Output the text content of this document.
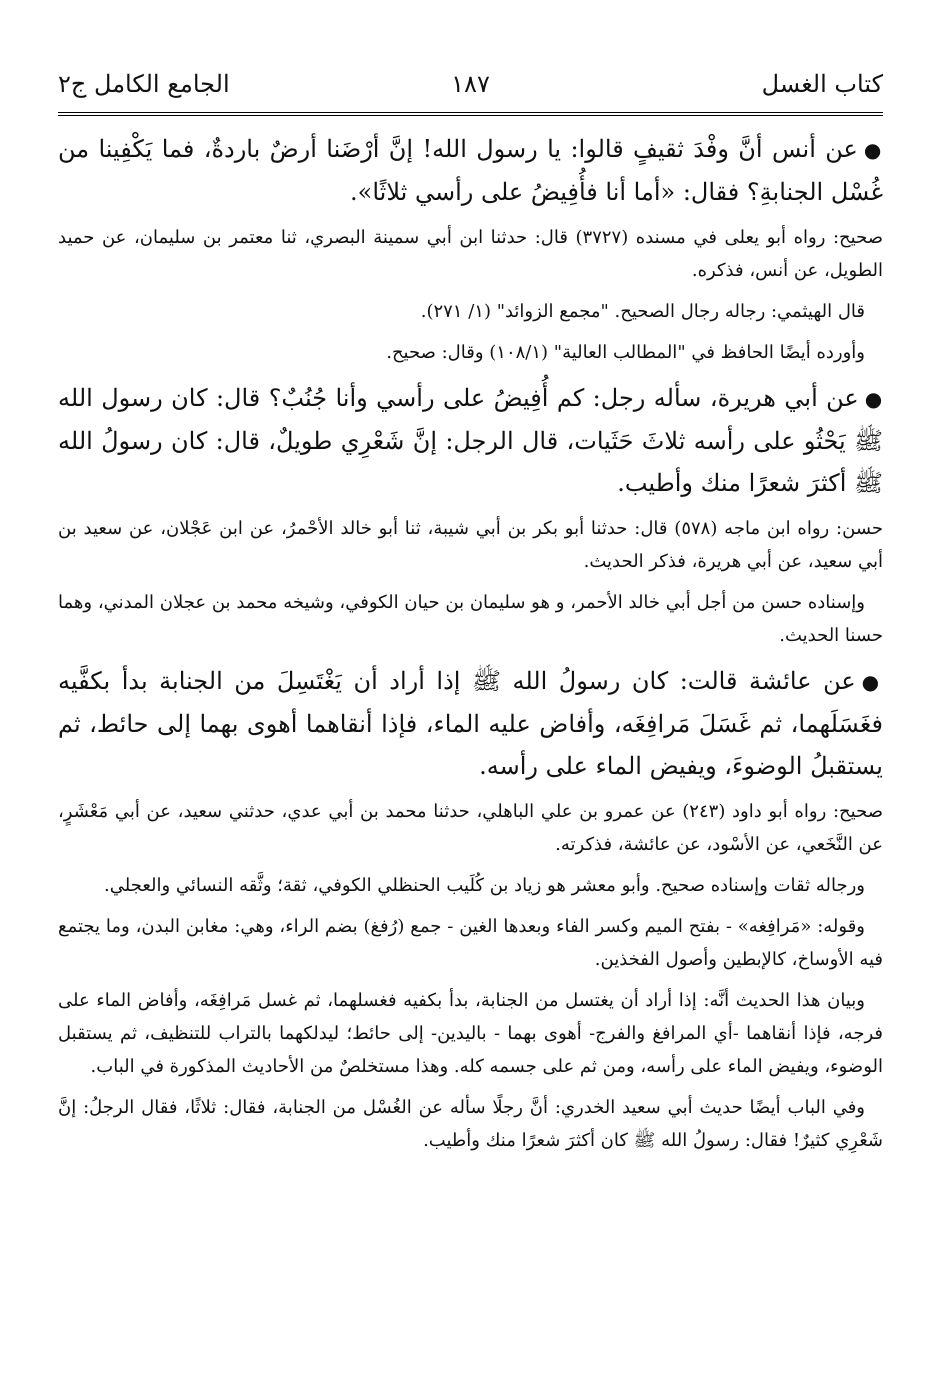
كتاب الغسل
١٨٧
الجامع الكامل ج٢
●عن أنس أنَّ وفْدَ ثقيفٍ قالوا: يا رسول الله! إنَّ أرْضَنا أرضٌ باردةٌ، فما يَكْفِينا من غُسْل الجنابةِ؟ فقال: «أما أنا فأُفِيضُ على رأسي ثلاثًا».
صحيح: رواه أبو يعلى في مسنده (٣٧٢٧) قال: حدثنا ابن أبي سمينة البصري، ثنا معتمر بن سليمان، عن حميد الطويل، عن أنس، فذكره.
قال الهيثمي: رجاله رجال الصحيح. "مجمع الزوائد" (١/ ٢٧١).
وأورده أيضًا الحافظ في "المطالب العالية" (١٠٨/١) وقال: صحيح.
●عن أبي هريرة، سأله رجل: كم أُفِيضُ على رأسي وأنا جُنُبٌ؟ قال: كان رسول الله ﷺ يَحْثُو على رأسه ثلاثَ حَثَيات، قال الرجل: إنَّ شَعْرِي طويلٌ، قال: كان رسولُ الله ﷺ أكثرَ شعرًا منك وأطيب.
حسن: رواه ابن ماجه (٥٧٨) قال: حدثنا أبو بكر بن أبي شيبة، ثنا أبو خالد الأحْمرُ، عن ابن عَجْلان، عن سعيد بن أبي سعيد، عن أبي هريرة، فذكر الحديث.
وإسناده حسن من أجل أبي خالد الأحمر، و هو سليمان بن حيان الكوفي، وشيخه محمد بن عجلان المدني، وهما حسنا الحديث.
●عن عائشة قالت: كان رسولُ الله ﷺ إذا أراد أن يَغْتَسِلَ من الجنابة بدأ بكفَّيه فغَسَلَهما، ثم غَسَلَ مَرافِغَه، وأفاض عليه الماء، فإذا أنقاهما أهوى بهما إلى حائط، ثم يستقبلُ الوضوءَ، ويفيض الماء على رأسه.
صحيح: رواه أبو داود (٢٤٣) عن عمرو بن علي الباهلي، حدثنا محمد بن أبي عدي، حدثني سعيد، عن أبي مَعْشَرٍ، عن النَّخَعي، عن الأسْود، عن عائشة، فذكرته.
ورجاله ثقات وإسناده صحيح. وأبو معشر هو زياد بن كُلَيب الحنظلي الكوفي، ثقة؛ وثَّقه النسائي والعجلي.
وقوله: «مَرافِغه» - بفتح الميم وكسر الفاء وبعدها الغين - جمع (رُفغ) بضم الراء، وهي: مغابن البدن، وما يجتمع فيه الأوساخ، كالإبطين وأصول الفخذين.
وبيان هذا الحديث أنَّه: إذا أراد أن يغتسل من الجنابة، بدأ بكفيه فغسلهما، ثم غسل مَرافِغَه، وأفاض الماء على فرجه، فإذا أنقاهما -أي المرافغ والفرج- أهوى بهما - باليدين- إلى حائط؛ ليدلكهما بالتراب للتنظيف، ثم يستقبل الوضوء، ويفيض الماء على رأسه، ومن ثم على جسمه كله. وهذا مستخلصٌ من الأحاديث المذكورة في الباب.
وفي الباب أيضًا حديث أبي سعيد الخدري: أنَّ رجلًا سأله عن الغُسْل من الجنابة، فقال: ثلاثًا، فقال الرجلُ: إنَّ شَعْرِي كثيرٌ! فقال: رسولُ الله ﷺ كان أكثرَ شعرًا منك وأطيب.
